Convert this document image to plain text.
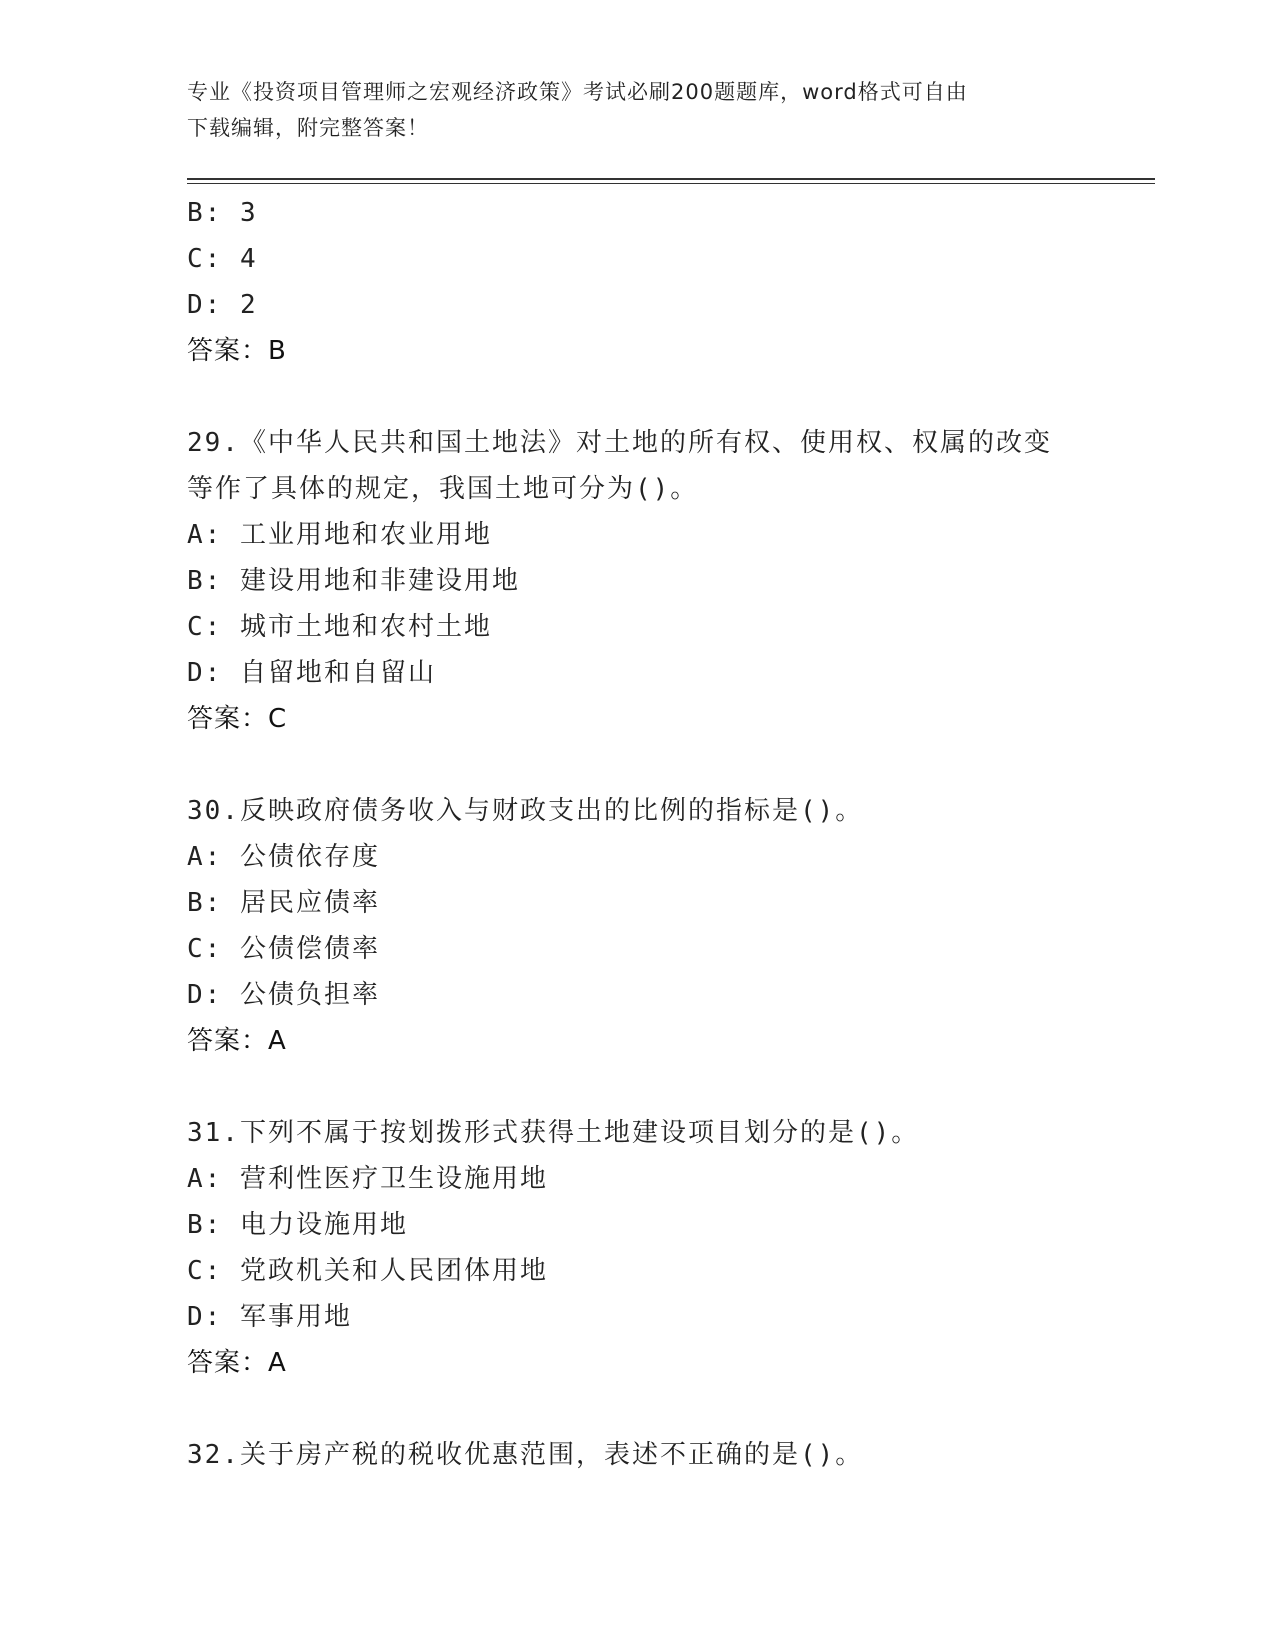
专业《投资项目管理师之宏观经济政策》考试必刷200题题库，word格式可自由
下载编辑，附完整答案！
B: 3
C: 4
D: 2
答案：B
29.《中华人民共和国土地法》对土地的所有权、使用权、权属的改变
等作了具体的规定，我国土地可分为()。
A: 工业用地和农业用地
B: 建设用地和非建设用地
C: 城市土地和农村土地
D: 自留地和自留山
答案：C
30.反映政府债务收入与财政支出的比例的指标是()。
A: 公债依存度
B: 居民应债率
C: 公债偿债率
D: 公债负担率
答案：A
31.下列不属于按划拨形式获得土地建设项目划分的是()。
A: 营利性医疗卫生设施用地
B: 电力设施用地
C: 党政机关和人民团体用地
D: 军事用地
答案：A
32.关于房产税的税收优惠范围，表述不正确的是()。
